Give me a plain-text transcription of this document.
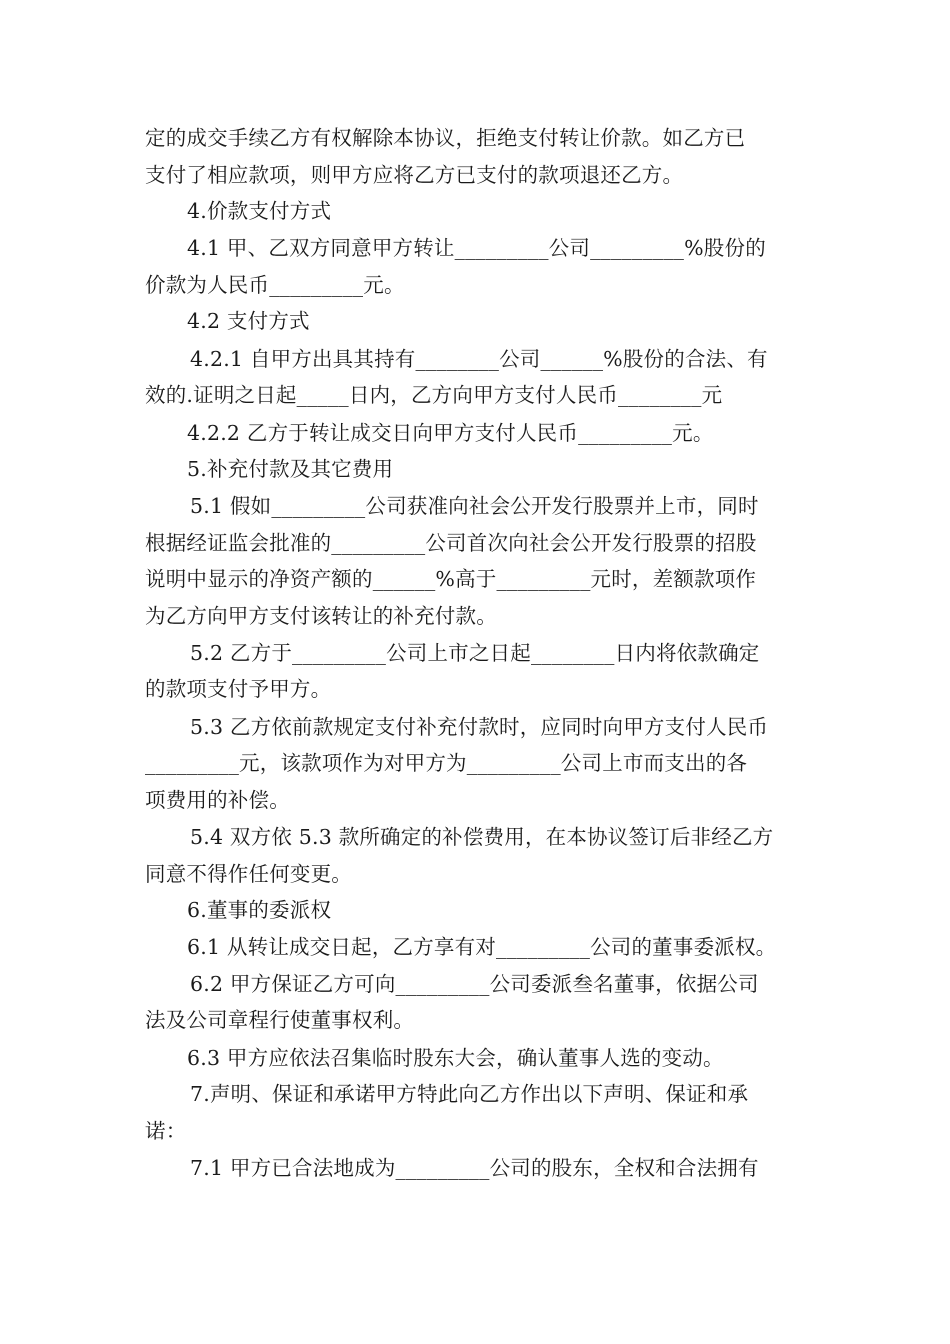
定的成交手续乙方有权解除本协议，拒绝支付转让价款。如乙方已
支付了相应款项，则甲方应将乙方已支付的款项退还乙方。
4.价款支付方式
4.1 甲、乙双方同意甲方转让_________公司_________%股份的
价款为人民币_________元。
4.2 支付方式
4.2.1 自甲方出具其持有________公司______%股份的合法、有
效的.证明之日起_____日内，乙方向甲方支付人民币________元
4.2.2 乙方于转让成交日向甲方支付人民币_________元。
5.补充付款及其它费用
5.1 假如_________公司获准向社会公开发行股票并上市，同时
根据经证监会批准的_________公司首次向社会公开发行股票的招股
说明中显示的净资产额的______%高于_________元时，差额款项作
为乙方向甲方支付该转让的补充付款。
5.2 乙方于_________公司上市之日起________日内将依款确定
的款项支付予甲方。
5.3 乙方依前款规定支付补充付款时，应同时向甲方支付人民币
_________元，该款项作为对甲方为_________公司上市而支出的各
项费用的补偿。
5.4 双方依 5.3 款所确定的补偿费用，在本协议签订后非经乙方
同意不得作任何变更。
6.董事的委派权
6.1 从转让成交日起，乙方享有对_________公司的董事委派权。
6.2 甲方保证乙方可向_________公司委派叁名董事，依据公司
法及公司章程行使董事权利。
6.3 甲方应依法召集临时股东大会，确认董事人选的变动。
7.声明、保证和承诺甲方特此向乙方作出以下声明、保证和承
诺：
7.1 甲方已合法地成为_________公司的股东，全权和合法拥有
